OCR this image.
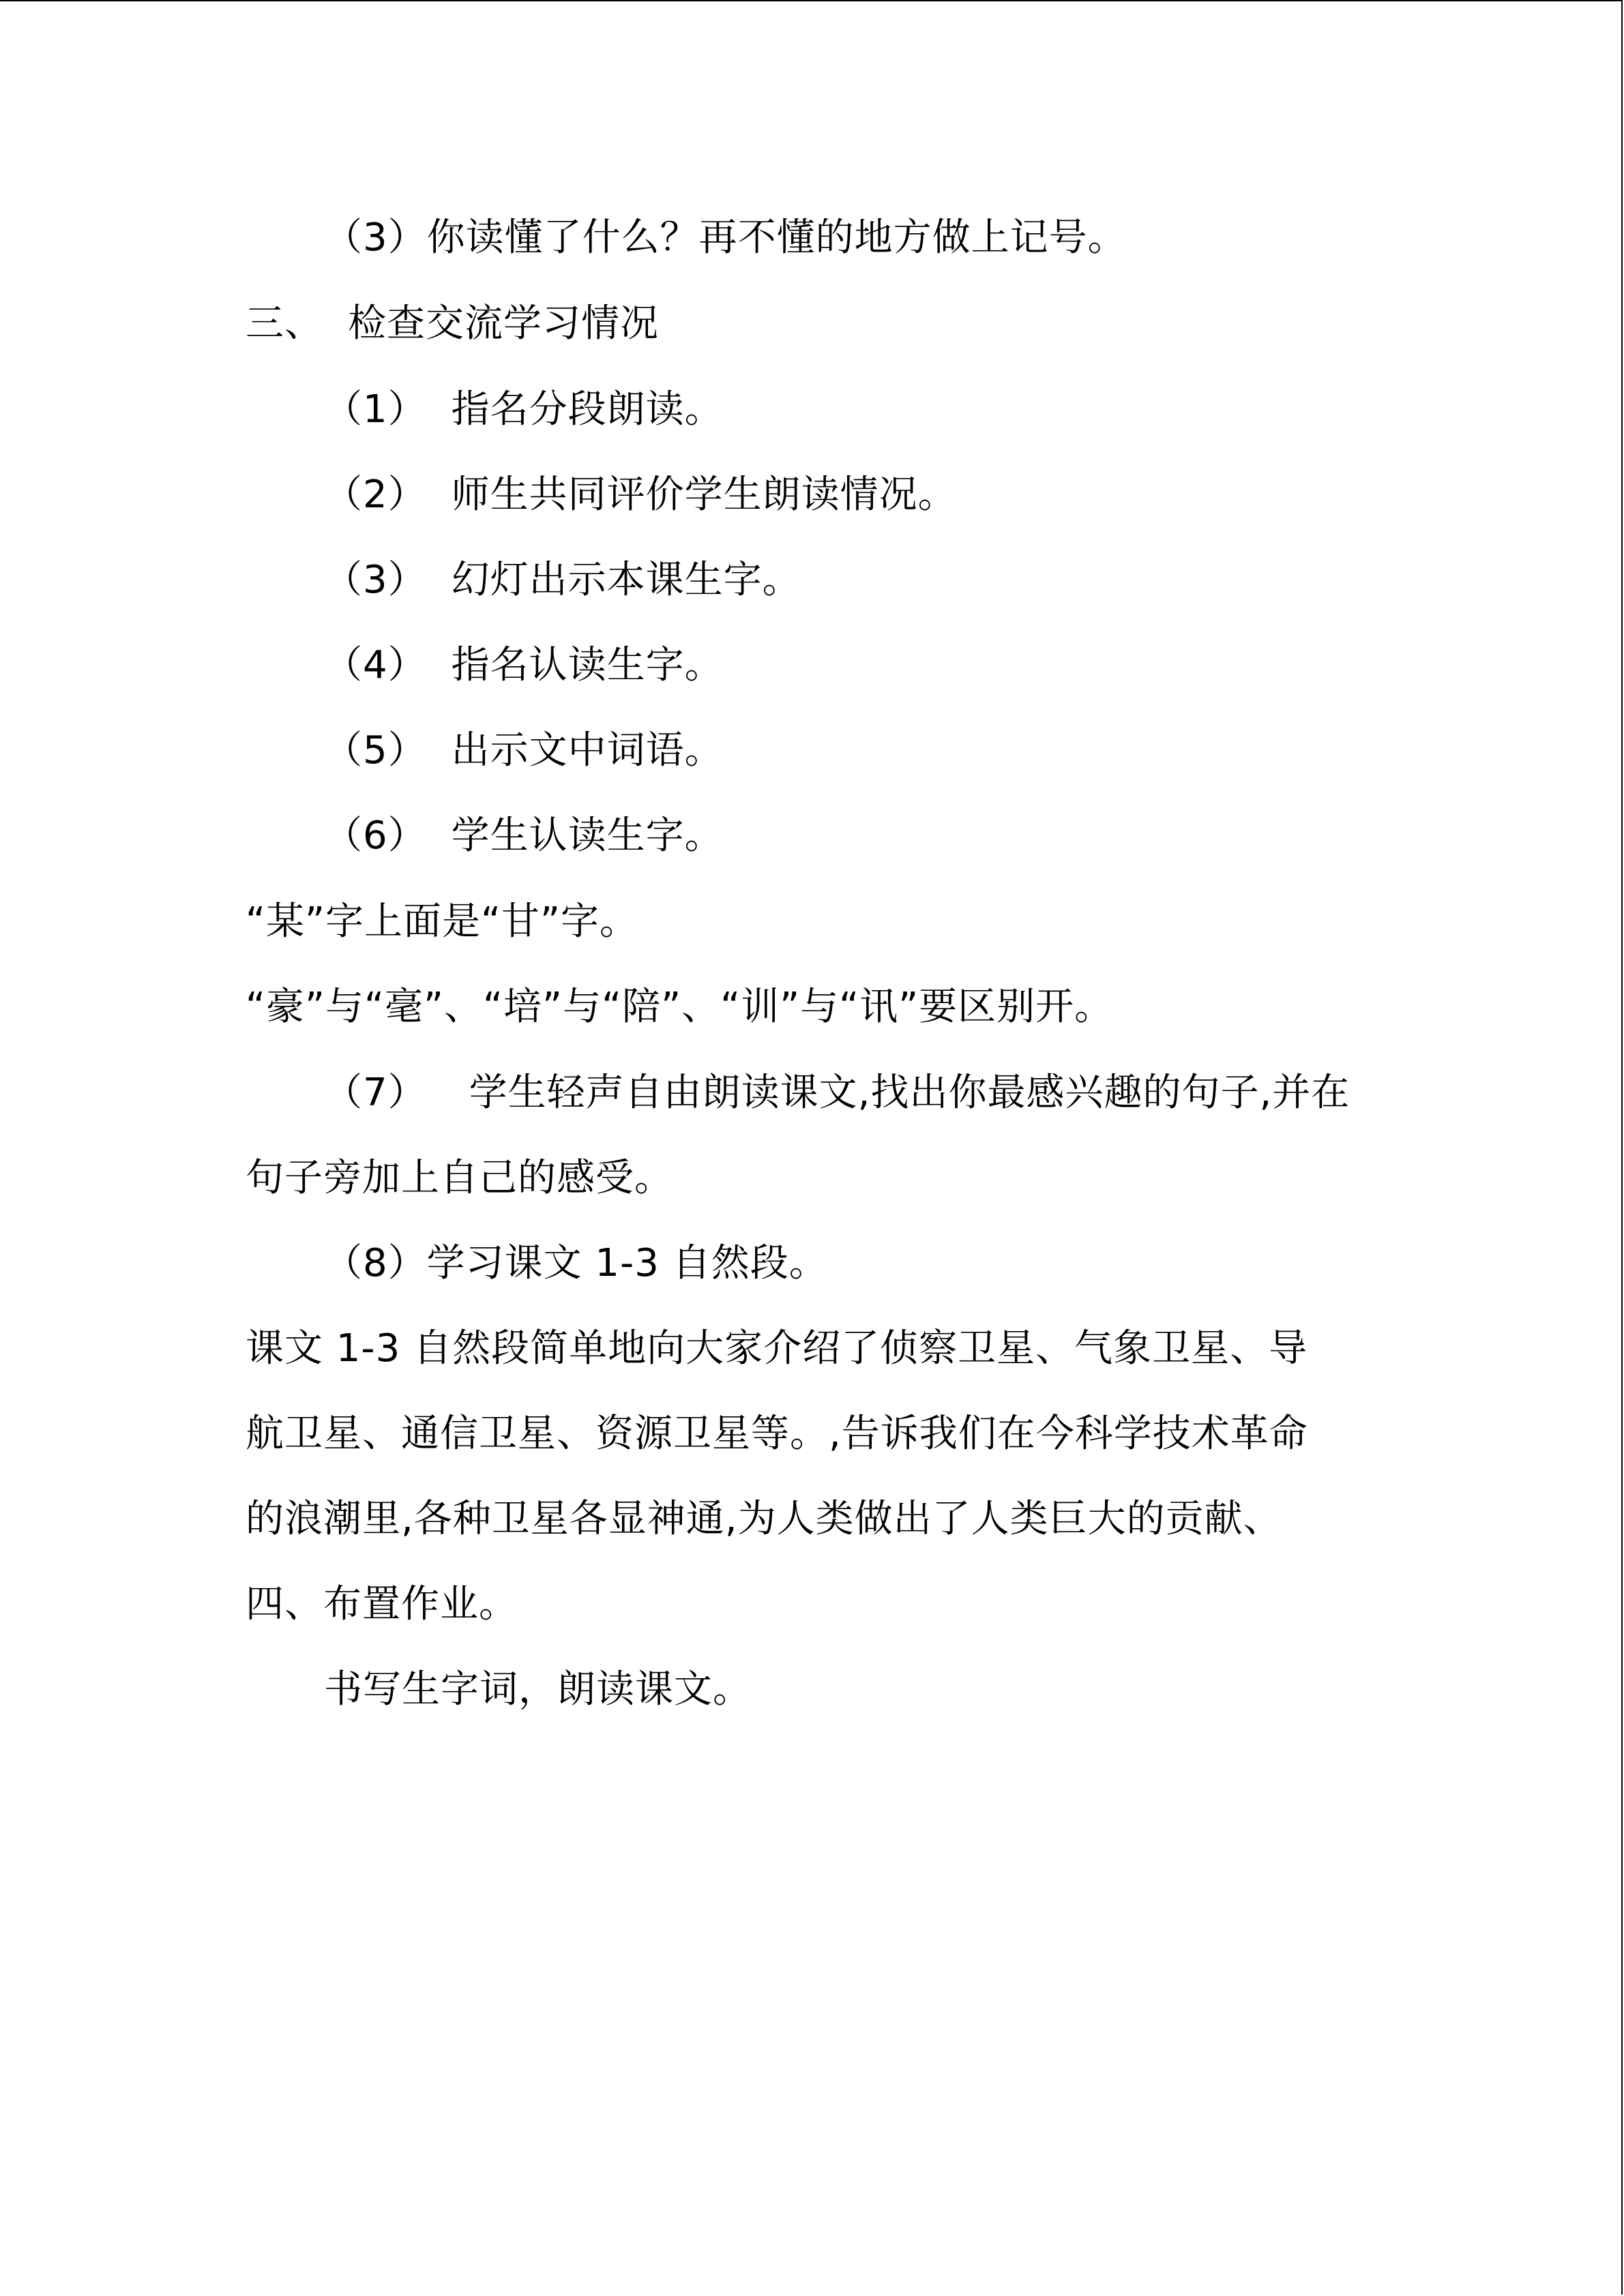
（3）你读懂了什么？再不懂的地方做上记号。
三、 检查交流学习情况
（1） 指名分段朗读。
（2） 师生共同评价学生朗读情况。
（3） 幻灯出示本课生字。
（4） 指名认读生字。
（5） 出示文中词语。
（6） 学生认读生字。
“某”字上面是“甘”字。
“豪”与“毫”、“培”与“陪”、“训”与“讯”要区别开。
（7） 学生轻声自由朗读课文,找出你最感兴趣的句子,并在
句子旁加上自己的感受。
（8）学习课文 1-3 自然段。
课文 1-3 自然段简单地向大家介绍了侦察卫星、气象卫星、导
航卫星、通信卫星、资源卫星等。,告诉我们在今科学技术革命
的浪潮里,各种卫星各显神通,为人类做出了人类巨大的贡献、
四、布置作业。
书写生字词，朗读课文。
